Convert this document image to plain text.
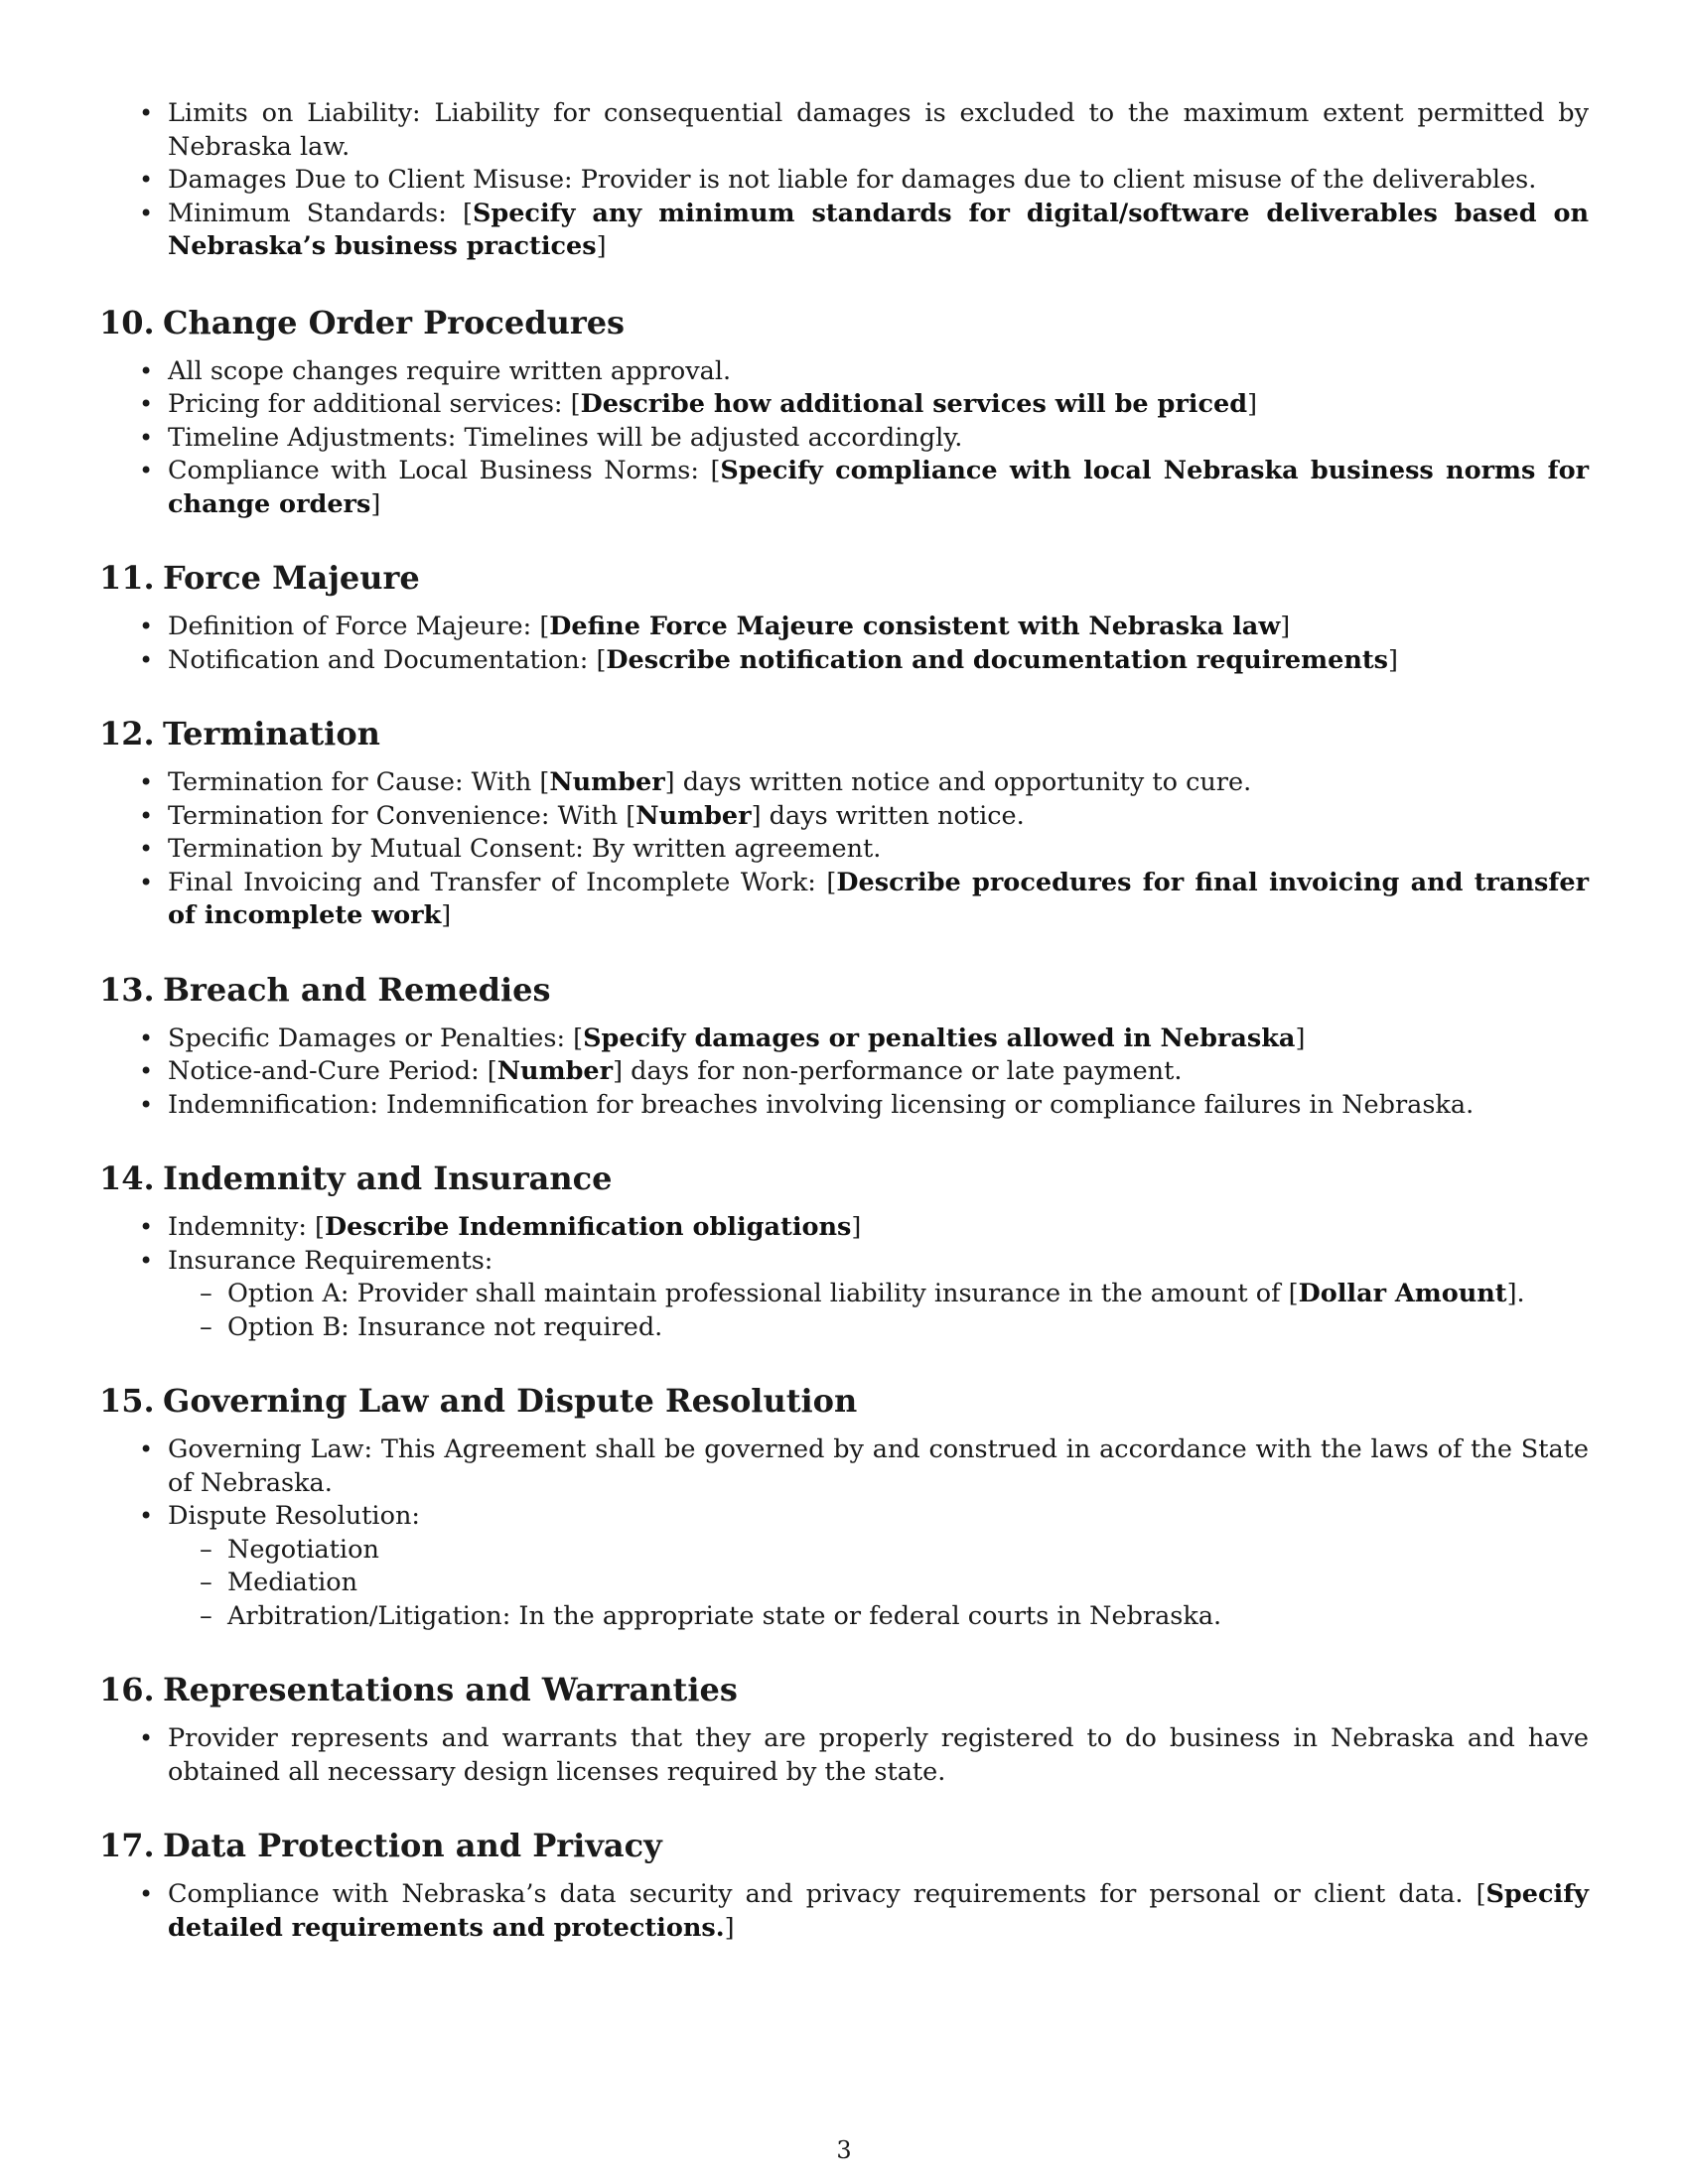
• Limits on Liability: Liability for consequential damages is excluded to the maximum extent permitted by Nebraska law.
• Damages Due to Client Misuse: Provider is not liable for damages due to client misuse of the deliverables.
• Minimum Standards: [Specify any minimum standards for digital/software deliverables based on Nebraska’s business practices]
10. Change Order Procedures
• All scope changes require written approval.
• Pricing for additional services: [Describe how additional services will be priced]
• Timeline Adjustments: Timelines will be adjusted accordingly.
• Compliance with Local Business Norms: [Specify compliance with local Nebraska business norms for change orders]
11. Force Majeure
• Definition of Force Majeure: [Define Force Majeure consistent with Nebraska law]
• Notification and Documentation: [Describe notification and documentation requirements]
12. Termination
• Termination for Cause: With [Number] days written notice and opportunity to cure.
• Termination for Convenience: With [Number] days written notice.
• Termination by Mutual Consent: By written agreement.
• Final Invoicing and Transfer of Incomplete Work: [Describe procedures for final invoicing and transfer of incomplete work]
13. Breach and Remedies
• Specific Damages or Penalties: [Specify damages or penalties allowed in Nebraska]
• Notice-and-Cure Period: [Number] days for non-performance or late payment.
• Indemnification: Indemnification for breaches involving licensing or compliance failures in Nebraska.
14. Indemnity and Insurance
• Indemnity: [Describe Indemnification obligations]
• Insurance Requirements:
– Option A: Provider shall maintain professional liability insurance in the amount of [Dollar Amount].
– Option B: Insurance not required.
15. Governing Law and Dispute Resolution
• Governing Law: This Agreement shall be governed by and construed in accordance with the laws of the State of Nebraska.
• Dispute Resolution:
– Negotiation
– Mediation
– Arbitration/Litigation: In the appropriate state or federal courts in Nebraska.
16. Representations and Warranties
• Provider represents and warrants that they are properly registered to do business in Nebraska and have obtained all necessary design licenses required by the state.
17. Data Protection and Privacy
• Compliance with Nebraska’s data security and privacy requirements for personal or client data. [Specify detailed requirements and protections.]
3
